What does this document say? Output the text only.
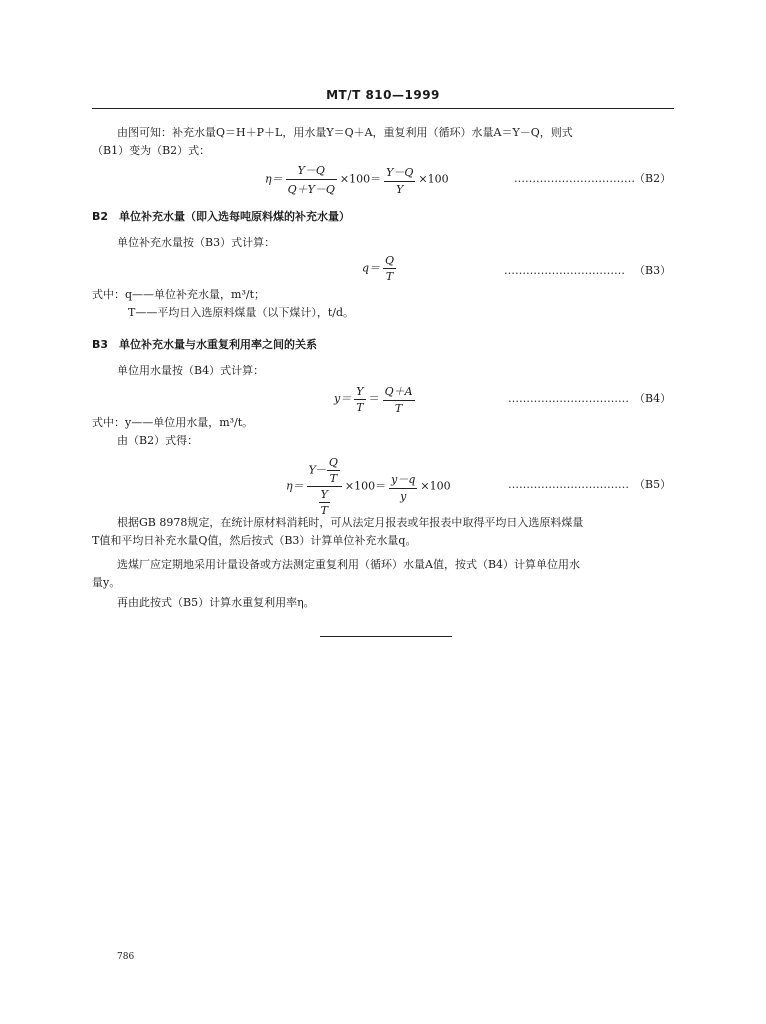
MT/T 810—1999
由图可知：补充水量Q＝H＋P＋L，用水量Y＝Q＋A，重复利用（循环）水量A＝Y－Q，则式
（B1）变为（B2）式：
$\eta= \frac{Y-Q}{Q+Y-Q} \times 100= \frac{Y-Q}{Y} \times 100$	…………………………… （B2）
B2　单位补充水量（即入选每吨原料煤的补充水量）
单位补充水量按（B3）式计算：
$q= \frac{Q}{T}$	…………………………… （B3）
式中：q——单位补充水量，m³/t；
T——平均日入选原料煤量（以下煤计），t/d。
B3　单位补充水量与水重复利用率之间的关系
单位用水量按（B4）式计算：
$y= \frac{Y}{T} = \frac{Q+A}{T}$	…………………………… （B4）
式中：y——单位用水量，m³/t。
由（B2）式得：
$\eta= \frac{Y- \frac{Q}{T}}{\frac{Y}{T}} \times 100= \frac{y-q}{y} \times 100$	…………………………… （B5）
根据GB 8978规定，在统计原材料消耗时，可从法定月报表或年报表中取得平均日入选原料煤量
T值和平均日补充水量Q值，然后按式（B3）计算单位补充水量q。
选煤厂应定期地采用计量设备或方法测定重复利用（循环）水量A值，按式（B4）计算单位用水
量y。
再由此按式（B5）计算水重复利用率η。
786
